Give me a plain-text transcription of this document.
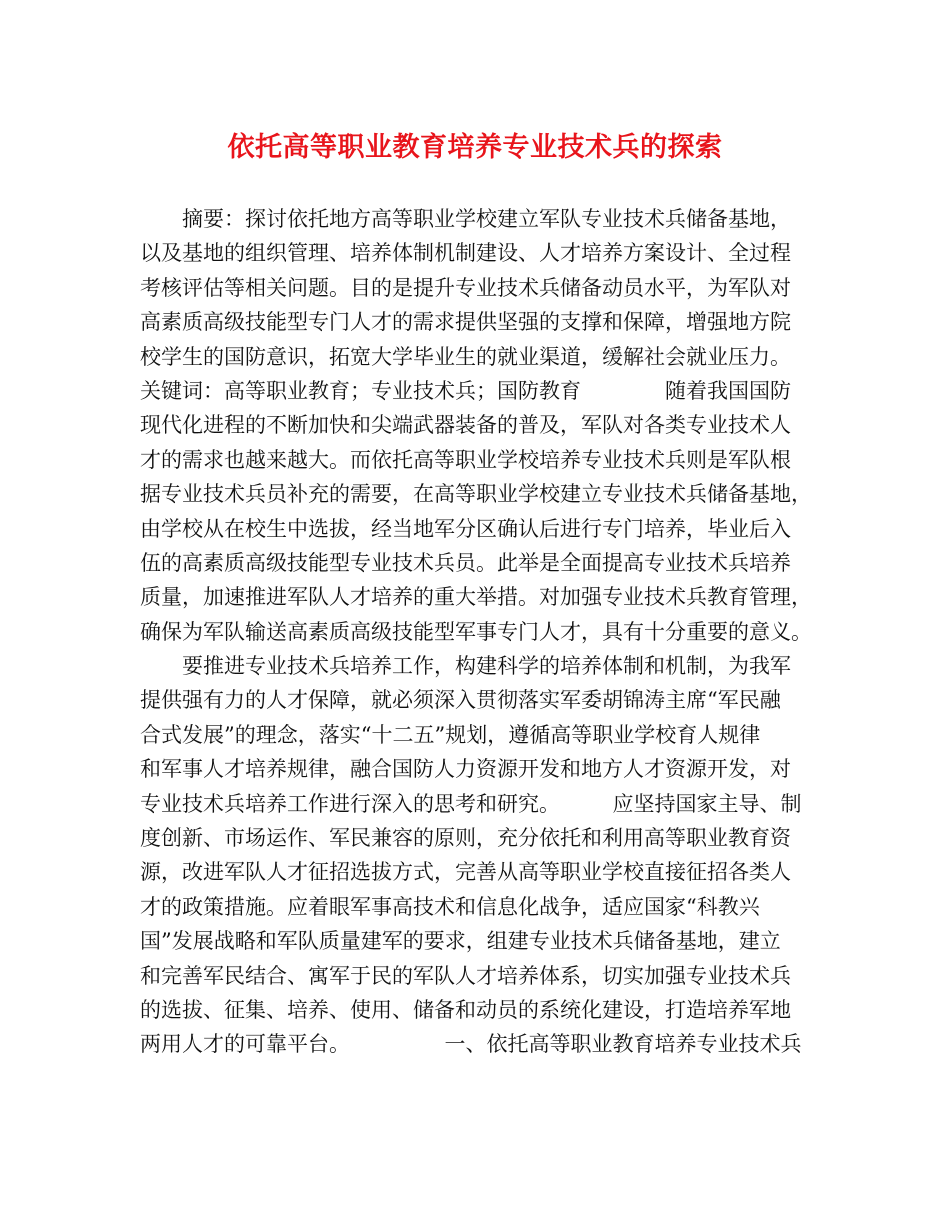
依托高等职业教育培养专业技术兵的探索
　　摘要：探讨依托地方高等职业学校建立军队专业技术兵储备基地，
以及基地的组织管理、培养体制机制建设、人才培养方案设计、全过程
考核评估等相关问题。目的是提升专业技术兵储备动员水平，为军队对
高素质高级技能型专门人才的需求提供坚强的支撑和保障，增强地方院
校学生的国防意识，拓宽大学毕业生的就业渠道，缓解社会就业压力。
关键词：高等职业教育；专业技术兵；国防教育　　　　随着我国国防
现代化进程的不断加快和尖端武器装备的普及，军队对各类专业技术人
才的需求也越来越大。而依托高等职业学校培养专业技术兵则是军队根
据专业技术兵员补充的需要，在高等职业学校建立专业技术兵储备基地，
由学校从在校生中选拔，经当地军分区确认后进行专门培养，毕业后入
伍的高素质高级技能型专业技术兵员。此举是全面提高专业技术兵培养
质量，加速推进军队人才培养的重大举措。对加强专业技术兵教育管理，
确保为军队输送高素质高级技能型军事专门人才，具有十分重要的意义。
　　要推进专业技术兵培养工作，构建科学的培养体制和机制，为我军
提供强有力的人才保障，就必须深入贯彻落实军委胡锦涛主席“军民融
合式发展”的理念，落实“十二五”规划，遵循高等职业学校育人规律
和军事人才培养规律，融合国防人力资源开发和地方人才资源开发，对
专业技术兵培养工作进行深入的思考和研究。　　　应坚持国家主导、制
度创新、市场运作、军民兼容的原则，充分依托和利用高等职业教育资
源，改进军队人才征招选拔方式，完善从高等职业学校直接征招各类人
才的政策措施。应着眼军事高技术和信息化战争，适应国家“科教兴
国”发展战略和军队质量建军的要求，组建专业技术兵储备基地，建立
和完善军民结合、寓军于民的军队人才培养体系，切实加强专业技术兵
的选拔、征集、培养、使用、储备和动员的系统化建设，打造培养军地
两用人才的可靠平台。　　　　　一、依托高等职业教育培养专业技术兵
